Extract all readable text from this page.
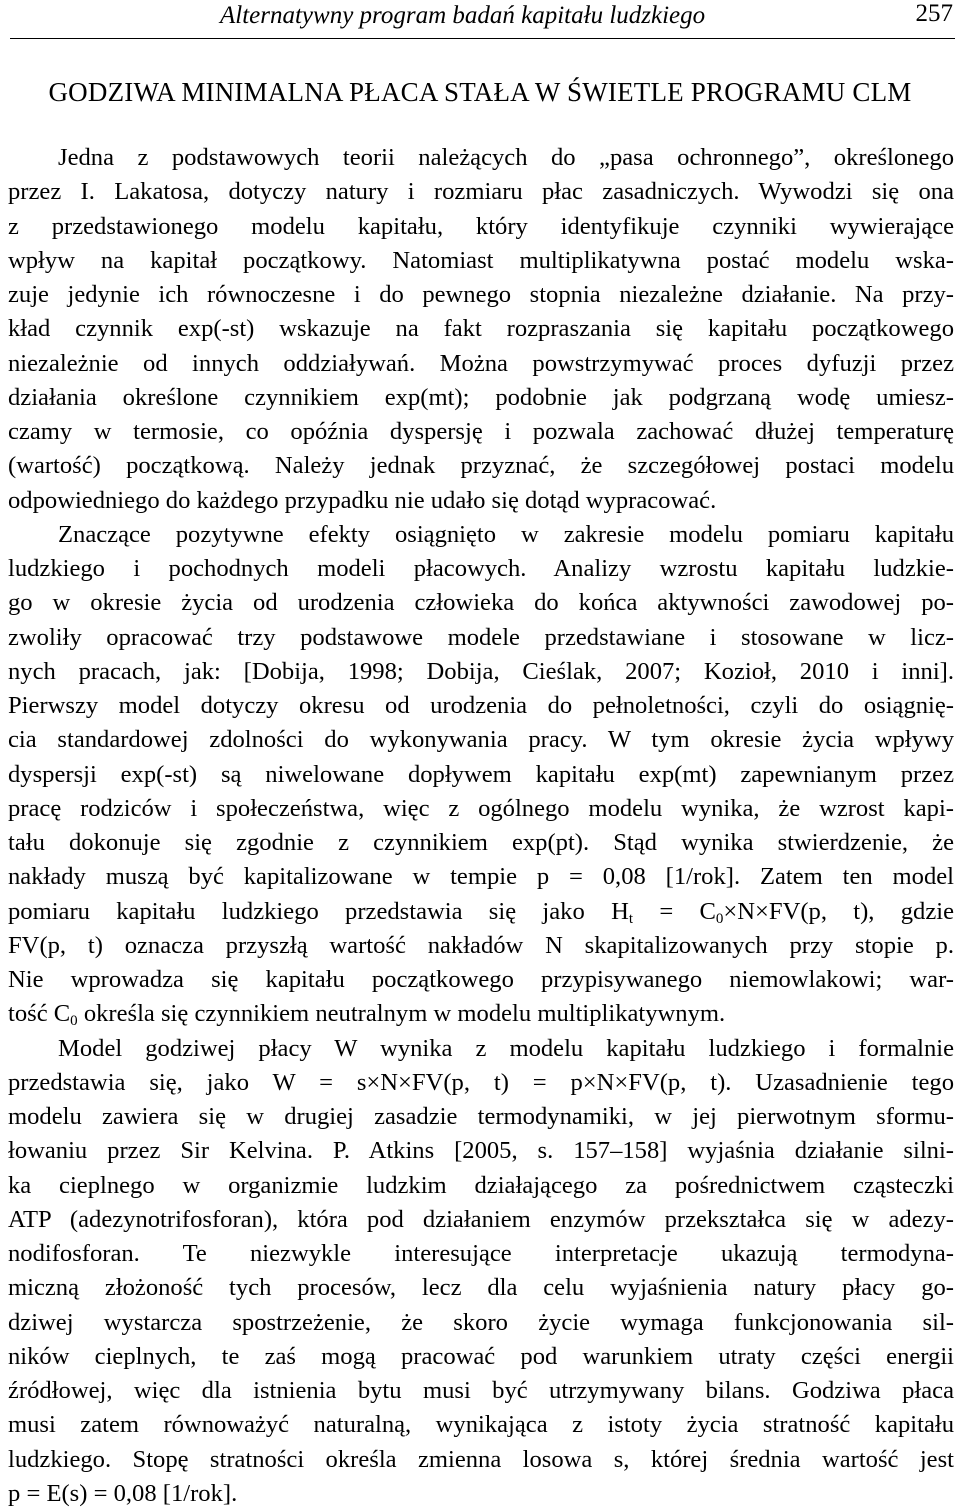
Alternatywny program badań kapitału ludzkiego	257
GODZIWA MINIMALNA PŁACA STAŁA W ŚWIETLE PROGRAMU CLM
Jedna z podstawowych teorii należących do „pasa ochronnego”, określonego
przez I. Lakatosa, dotyczy natury i rozmiaru płac zasadniczych. Wywodzi się ona
z przedstawionego modelu kapitału, który identyfikuje czynniki wywierające
wpływ na kapitał początkowy. Natomiast multiplikatywna postać modelu wska-
zuje jedynie ich równoczesne i do pewnego stopnia niezależne działanie. Na przy-
kład czynnik exp(-st) wskazuje na fakt rozpraszania się kapitału początkowego
niezależnie od innych oddziaływań. Można powstrzymywać proces dyfuzji przez
działania określone czynnikiem exp(mt); podobnie jak podgrzaną wodę umiesz-
czamy w termosie, co opóźnia dyspersję i pozwala zachować dłużej temperaturę
(wartość) początkową. Należy jednak przyznać, że szczegółowej postaci modelu
odpowiedniego do każdego przypadku nie udało się dotąd wypracować.
Znaczące pozytywne efekty osiągnięto w zakresie modelu pomiaru kapitału
ludzkiego i pochodnych modeli płacowych. Analizy wzrostu kapitału ludzkie-
go w okresie życia od urodzenia człowieka do końca aktywności zawodowej po-
zwoliły opracować trzy podstawowe modele przedstawiane i stosowane w licz-
nych pracach, jak: [Dobija, 1998; Dobija, Cieślak, 2007; Kozioł, 2010 i inni].
Pierwszy model dotyczy okresu od urodzenia do pełnoletności, czyli do osiągnię-
cia standardowej zdolności do wykonywania pracy. W tym okresie życia wpływy
dyspersji exp(-st) są niwelowane dopływem kapitału exp(mt) zapewnianym przez
pracę rodziców i społeczeństwa, więc z ogólnego modelu wynika, że wzrost kapi-
tału dokonuje się zgodnie z czynnikiem exp(pt). Stąd wynika stwierdzenie, że
nakłady muszą być kapitalizowane w tempie p = 0,08 [1/rok]. Zatem ten model
pomiaru kapitału ludzkiego przedstawia się jako $H_t = C_0\times N\times FV(p$, t), gdzie
FV(p, t) oznacza przyszłą wartość nakładów N skapitalizowanych przy stopie p.
Nie wprowadza się kapitału początkowego przypisywanego niemowlakowi; war-
tość $C_0$ określa się czynnikiem neutralnym w modelu multiplikatywnym.
Model godziwej płacy W wynika z modelu kapitału ludzkiego i formalnie
przedstawia się, jako W = s×N×FV(p, t) = p×N×FV(p, t). Uzasadnienie tego
modelu zawiera się w drugiej zasadzie termodynamiki, w jej pierwotnym sformu-
łowaniu przez Sir Kelvina. P. Atkins [2005, s. 157–158] wyjaśnia działanie silni-
ka cieplnego w organizmie ludzkim działającego za pośrednictwem cząsteczki
ATP (adezynotrifosforan), która pod działaniem enzymów przekształca się w adezy-
nodifosforan. Te niezwykle interesujące interpretacje ukazują termodyna-
miczną złożoność tych procesów, lecz dla celu wyjaśnienia natury płacy go-
dziwej wystarcza spostrzeżenie, że skoro życie wymaga funkcjonowania sil-
ników cieplnych, te zaś mogą pracować pod warunkiem utraty części energii
źródłowej, więc dla istnienia bytu musi być utrzymywany bilans. Godziwa płaca
musi zatem równoważyć naturalną, wynikająca z istoty życia stratność kapitału
ludzkiego. Stopę stratności określa zmienna losowa s, której średnia wartość jest
p = E(s) = 0,08 [1/rok].
